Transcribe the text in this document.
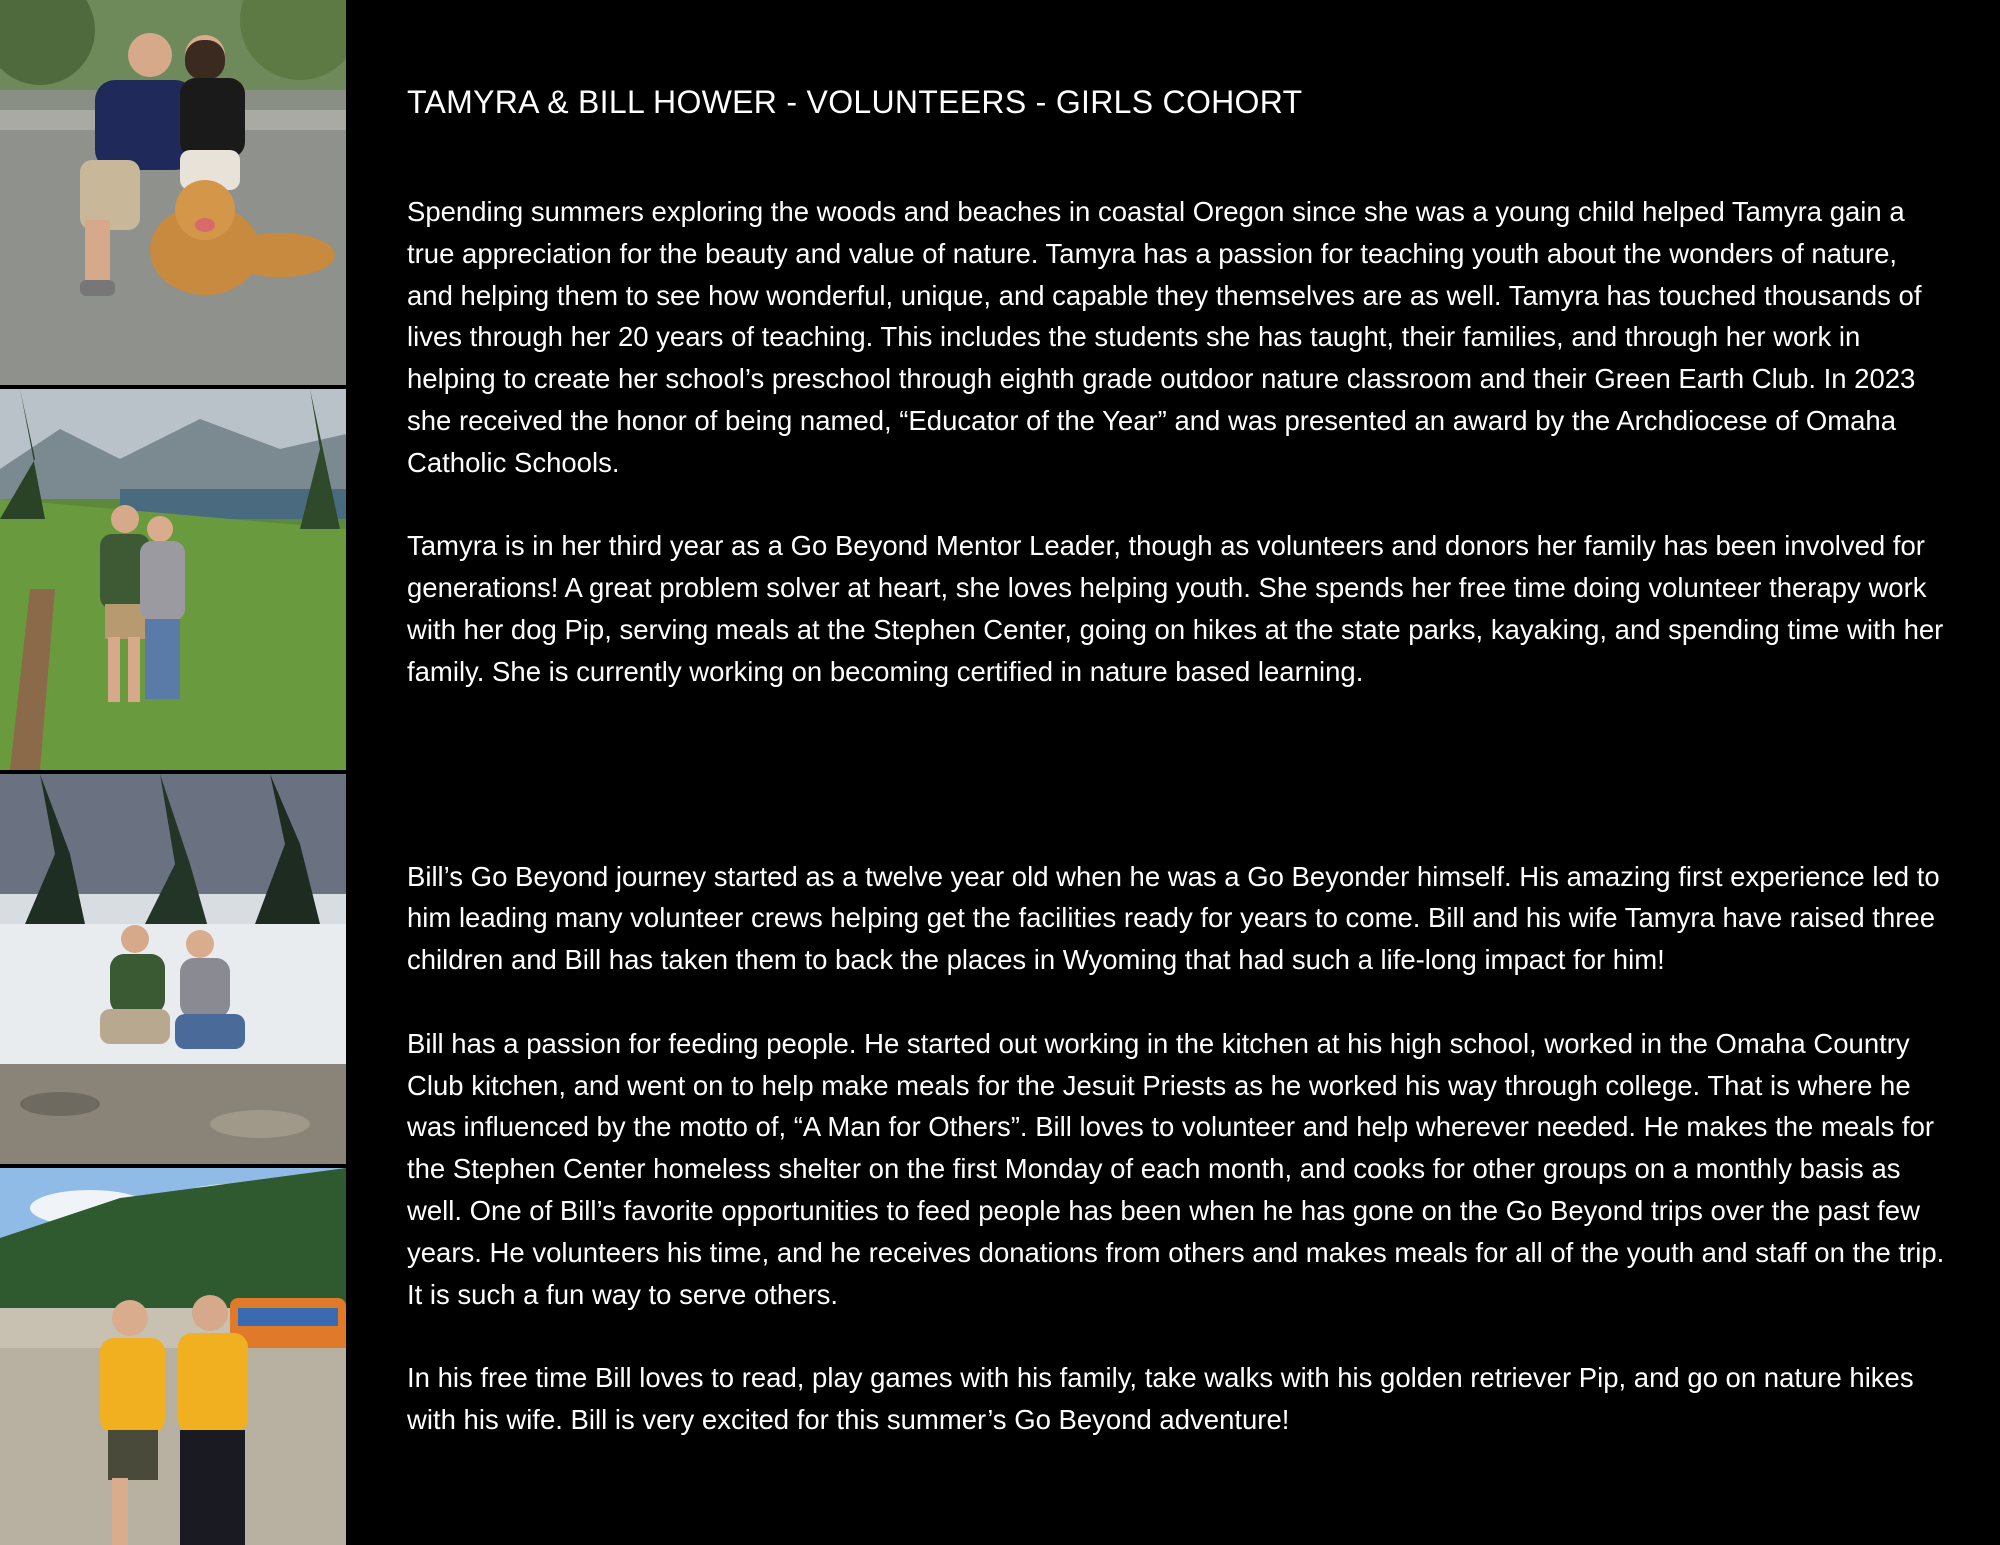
TAMYRA & BILL HOWER - VOLUNTEERS - GIRLS COHORT

Spending summers exploring the woods and beaches in coastal Oregon since she was a young child helped Tamyra gain a true appreciation for the beauty and value of nature. Tamyra has a passion for teaching youth about the wonders of nature, and helping them to see how wonderful, unique, and capable they themselves are as well. Tamyra has touched thousands of lives through her 20 years of teaching. This includes the students she has taught, their families, and through her work in helping to create her school’s preschool through eighth grade outdoor nature classroom and their Green Earth Club. In 2023 she received the honor of being named, “Educator of the Year” and was presented an award by the Archdiocese of Omaha Catholic Schools.

Tamyra is in her third year as a Go Beyond Mentor Leader, though as volunteers and donors her family has been involved for generations! A great problem solver at heart, she loves helping youth. She spends her free time doing volunteer therapy work with her dog Pip, serving meals at the Stephen Center, going on hikes at the state parks, kayaking, and spending time with her family. She is currently working on becoming certified in nature based learning.

Bill’s Go Beyond journey started as a twelve year old when he was a Go Beyonder himself. His amazing first experience led to him leading many volunteer crews helping get the facilities ready for years to come. Bill and his wife Tamyra have raised three children and Bill has taken them to back the places in Wyoming that had such a life-long impact for him!

Bill has a passion for feeding people. He started out working in the kitchen at his high school, worked in the Omaha Country Club kitchen, and went on to help make meals for the Jesuit Priests as he worked his way through college. That is where he was influenced by the motto of, “A Man for Others”. Bill loves to volunteer and help wherever needed. He makes the meals for the Stephen Center homeless shelter on the first Monday of each month, and cooks for other groups on a monthly basis as well. One of Bill’s favorite opportunities to feed people has been when he has gone on the Go Beyond trips over the past few years. He volunteers his time, and he receives donations from others and makes meals for all of the youth and staff on the trip. It is such a fun way to serve others.

In his free time Bill loves to read, play games with his family, take walks with his golden retriever Pip, and go on nature hikes with his wife. Bill is very excited for this summer’s Go Beyond adventure!
